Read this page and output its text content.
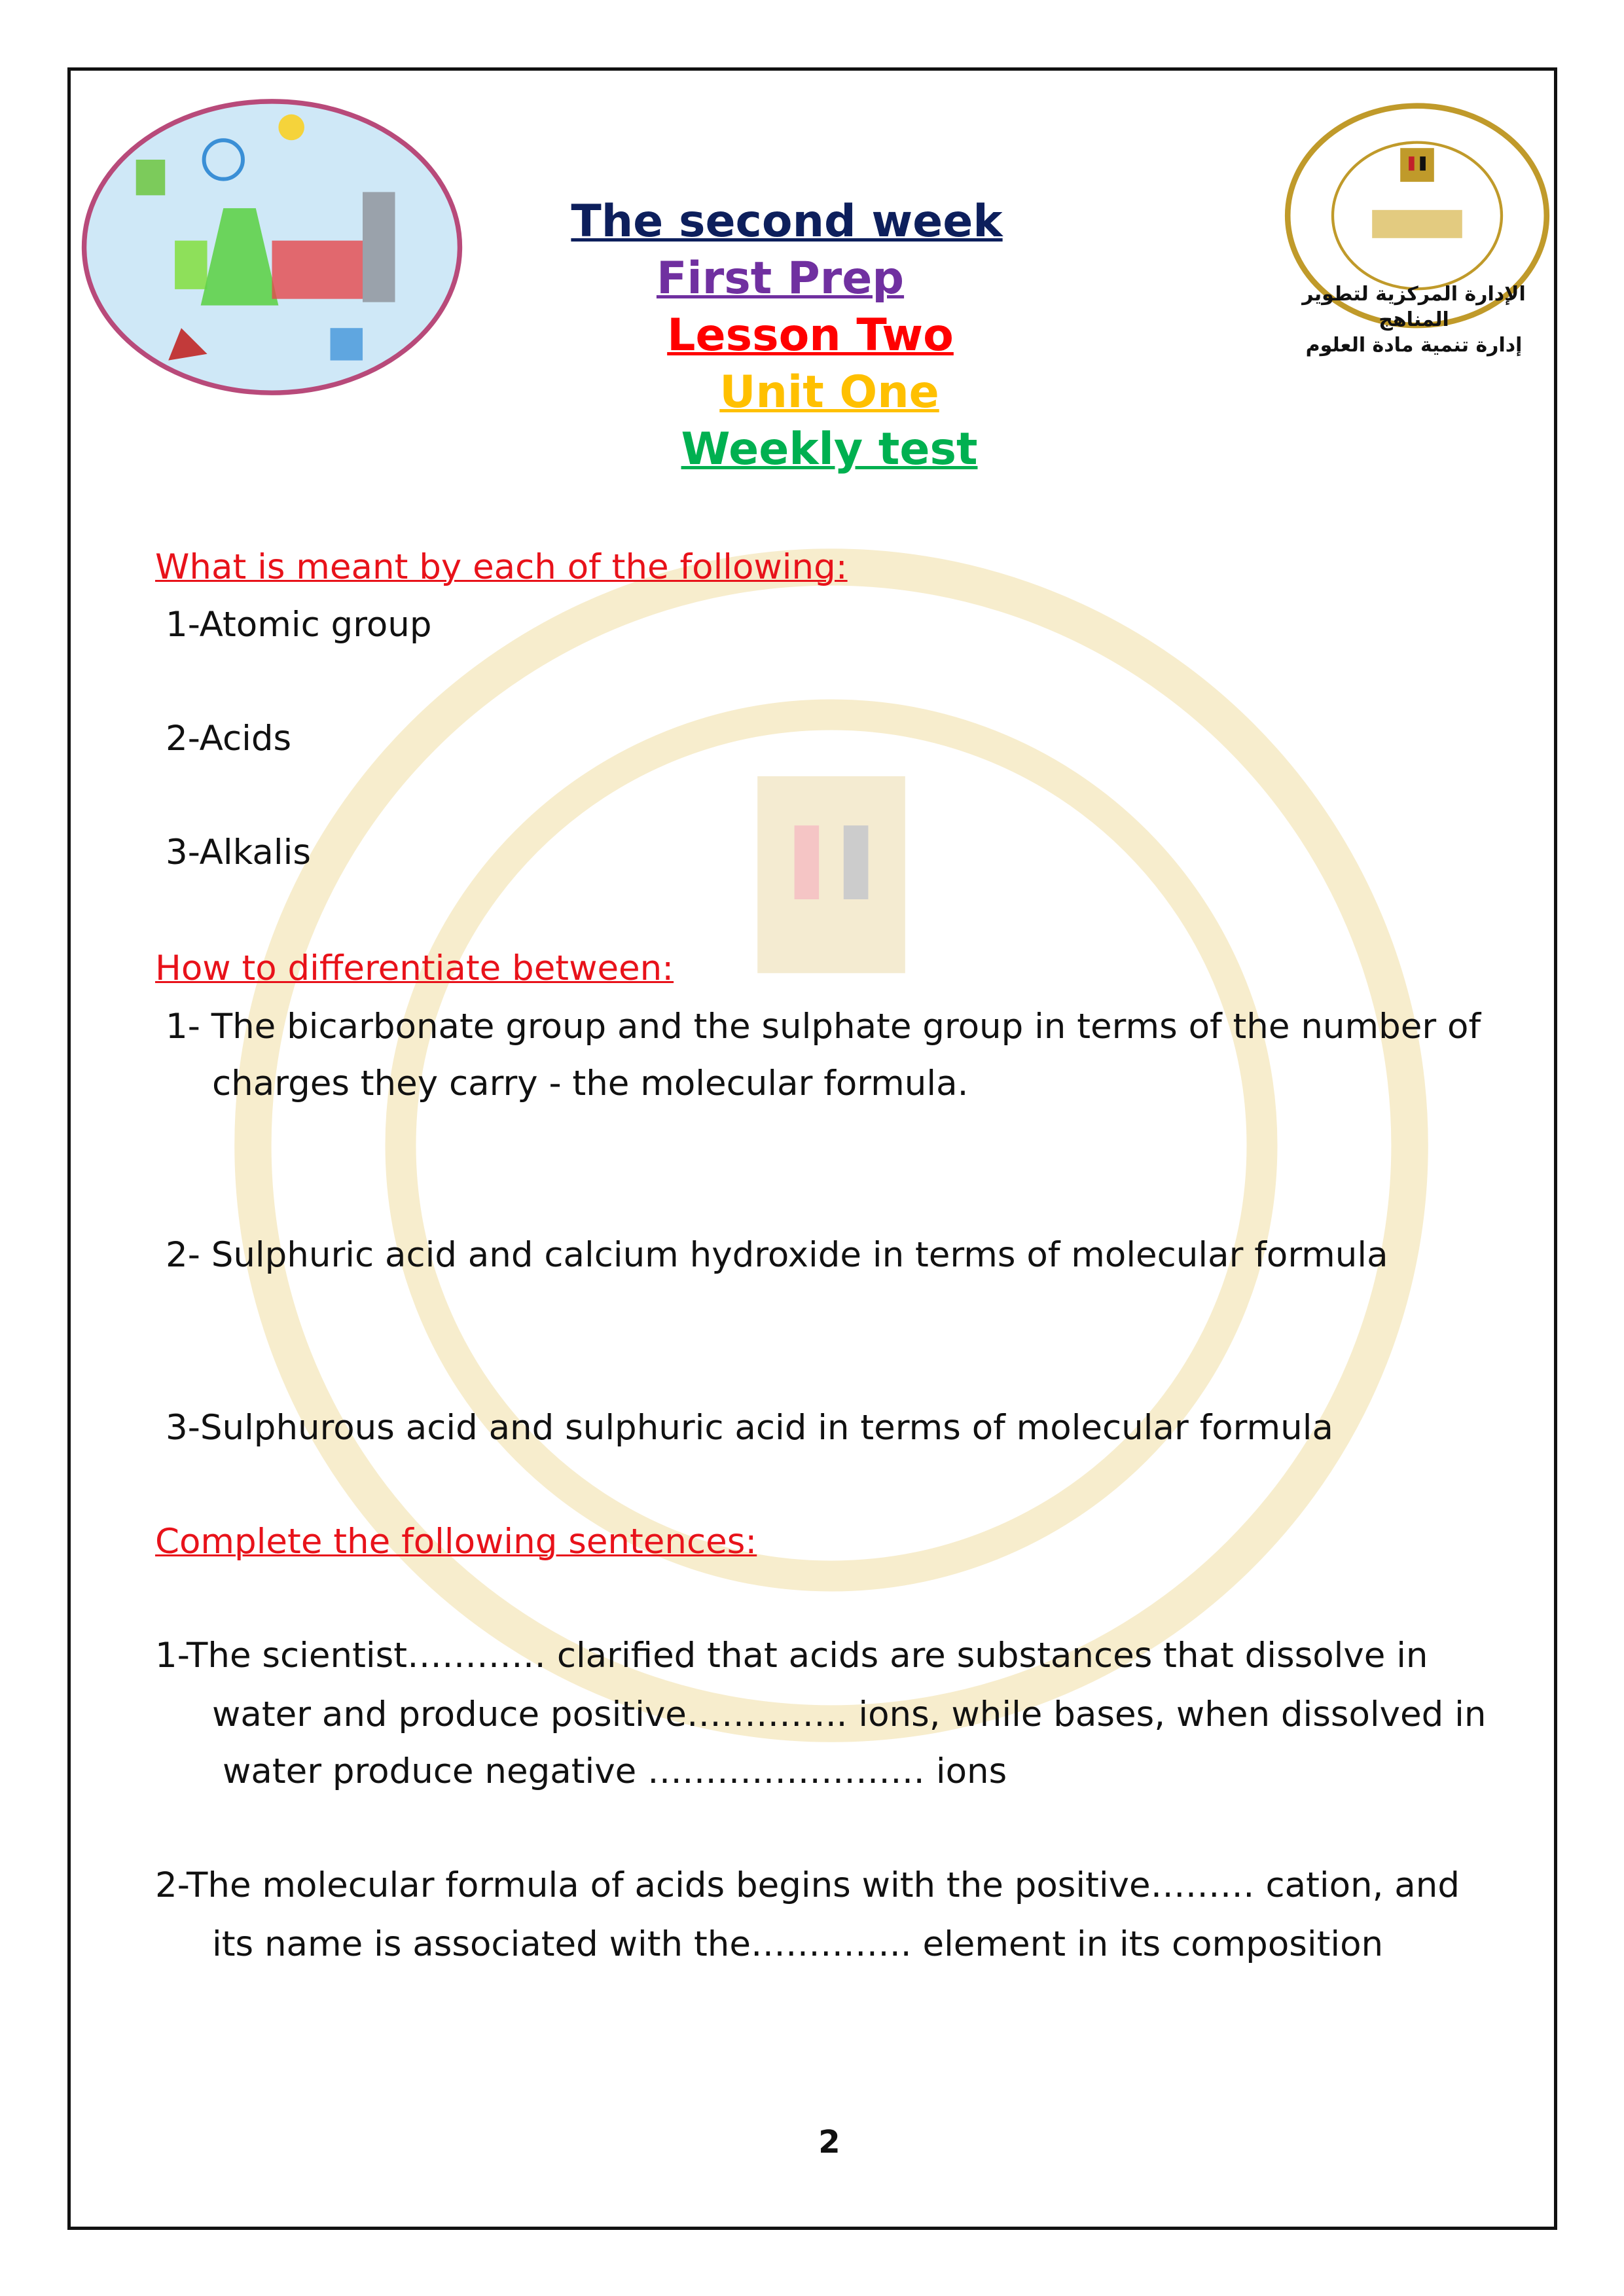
الإدارة المركزية لتطوير المناهج
إدارة تنمية مادة العلوم
The second week
First Prep
Lesson Two
Unit One
Weekly test
What is meant by each of the following:
1-Atomic group
2-Acids
3-Alkalis
How to differentiate between:
1- The bicarbonate group and the sulphate group in terms of the number of
charges they carry - the molecular formula.
2- Sulphuric acid and calcium hydroxide in terms of molecular formula
3-Sulphurous acid and sulphuric acid in terms of molecular formula
Complete the following sentences:
1-The scientist………… clarified that acids are substances that dissolve in
water and produce positive………….. ions, while bases, when dissolved in
water produce negative …………………… ions
2-The molecular formula of acids begins with the positive……… cation, and
its name is associated with the………….. element in its composition
2
